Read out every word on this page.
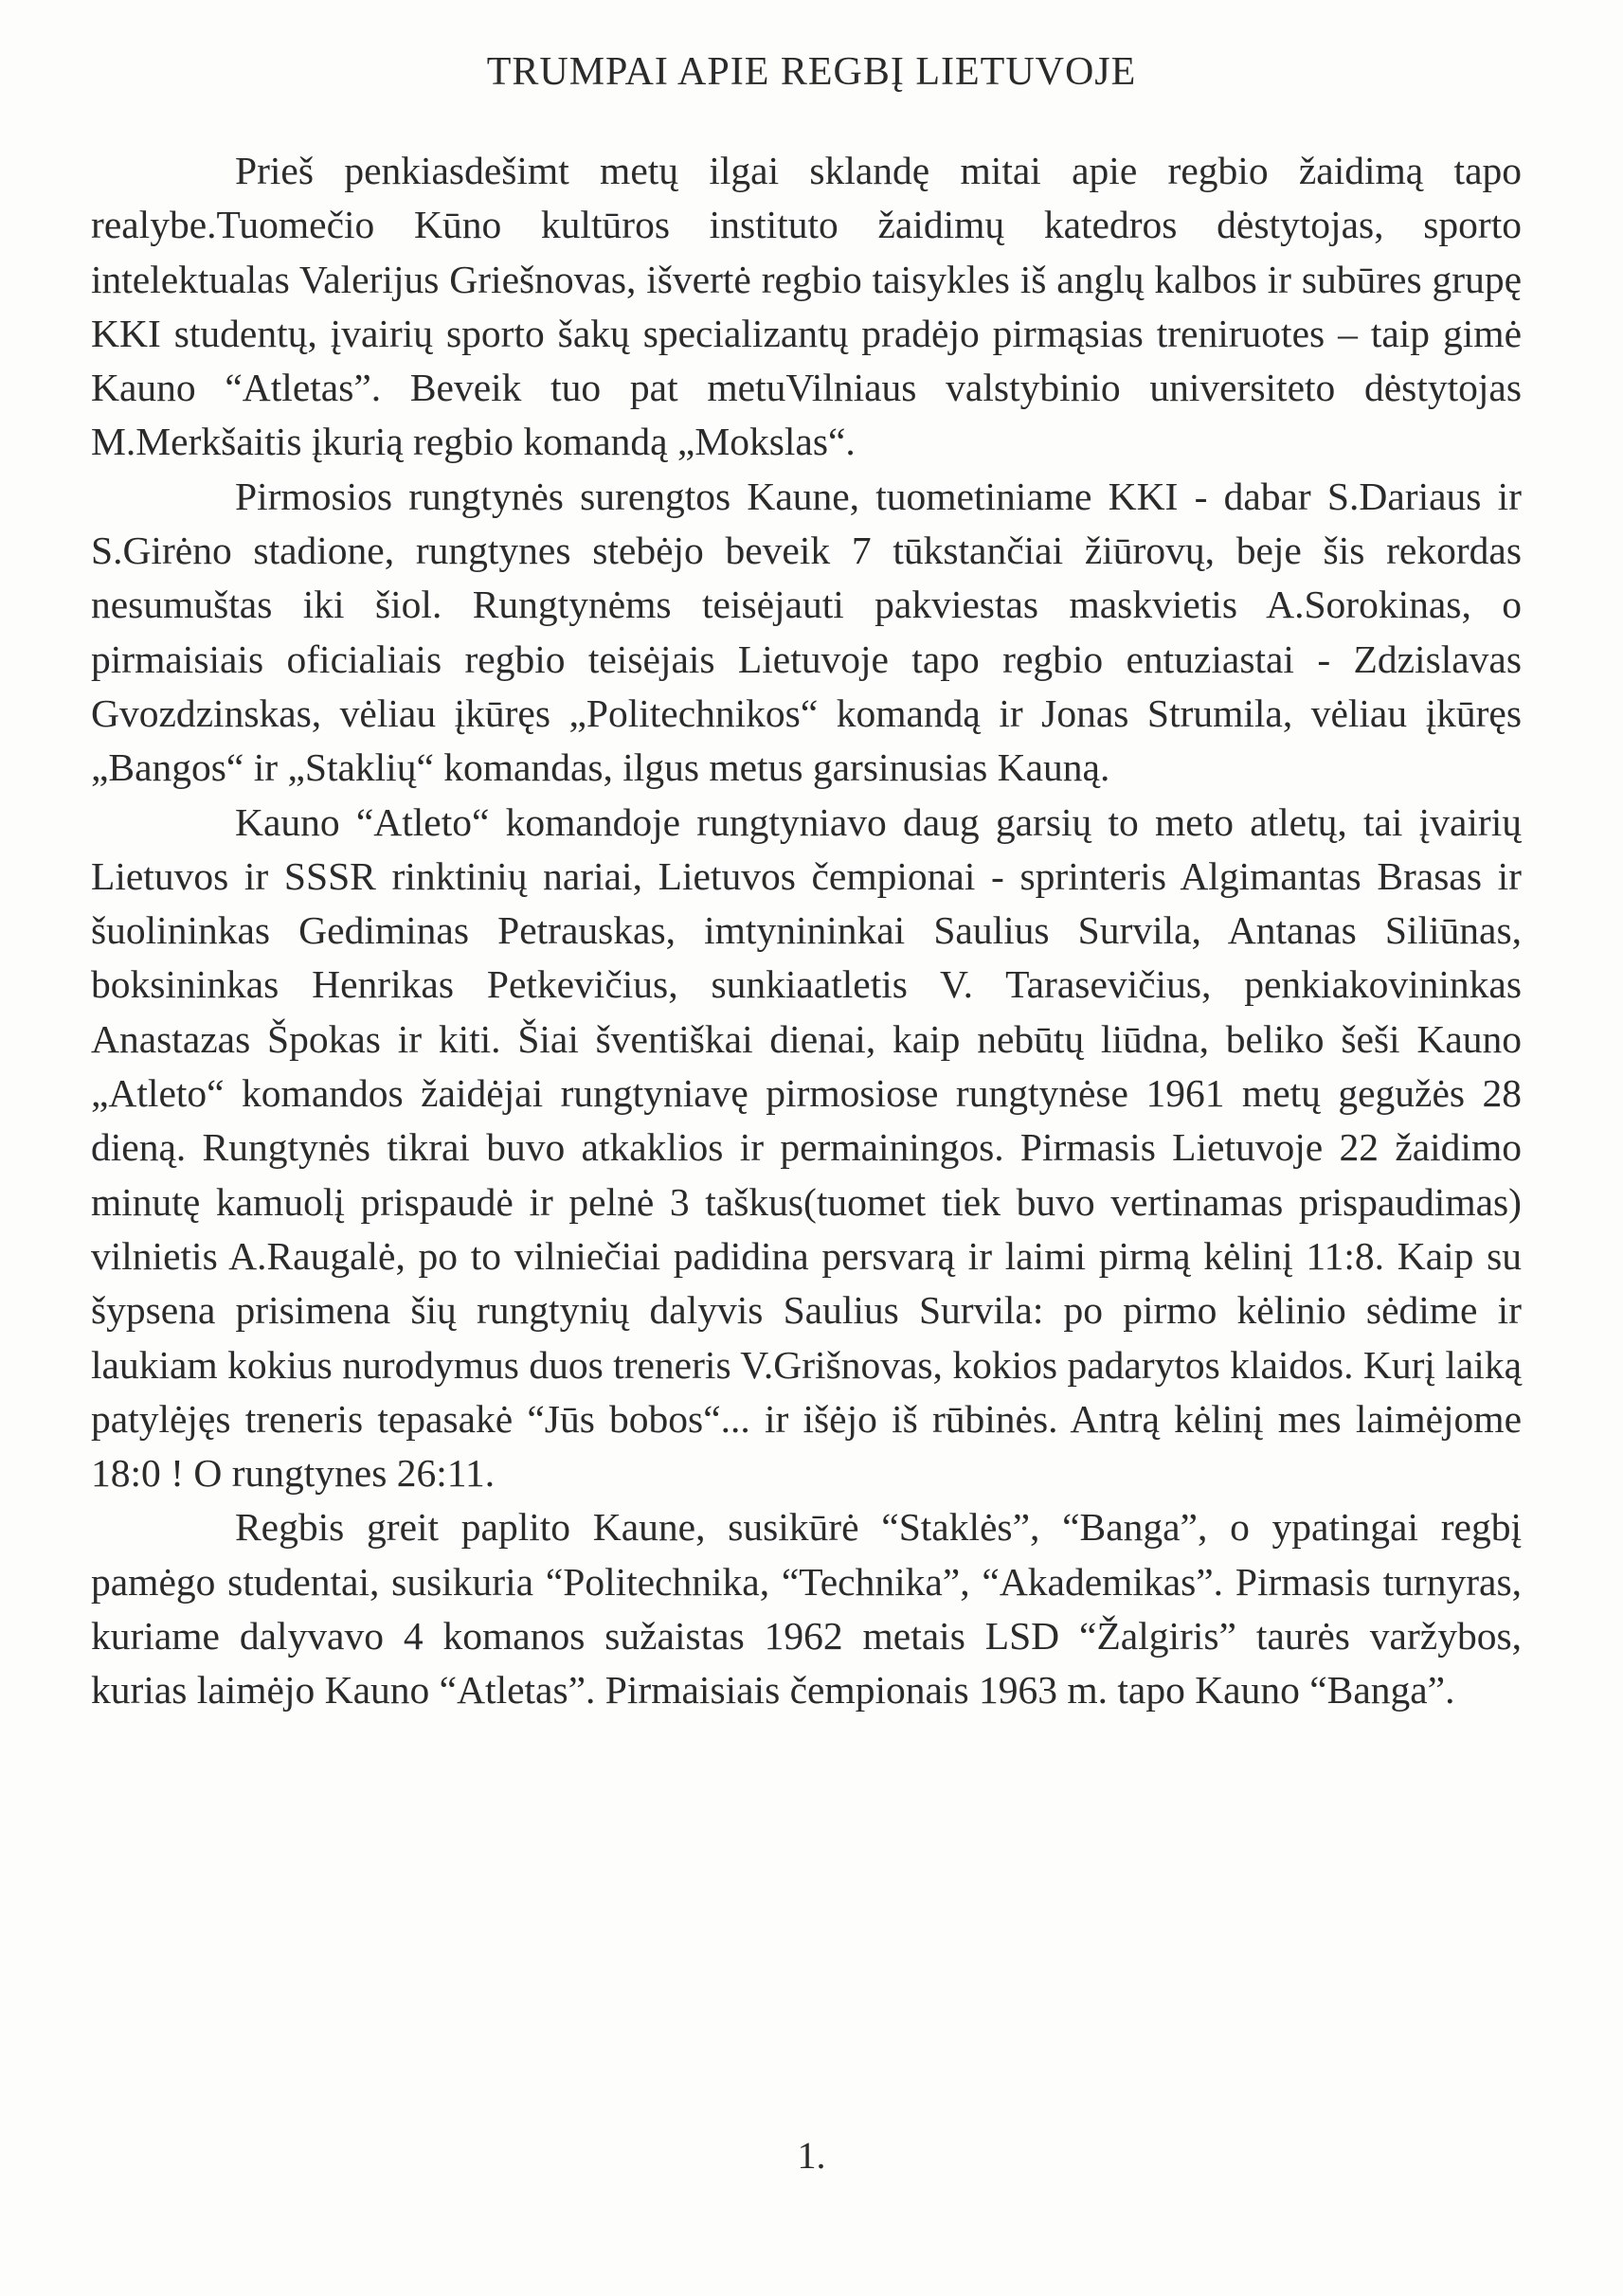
TRUMPAI APIE REGBĮ LIETUVOJE

Prieš penkiasdešimt metų ilgai sklandę mitai apie regbio žaidimą tapo realybe.Tuomečio Kūno kultūros instituto žaidimų katedros dėstytojas, sporto intelektualas Valerijus Griešnovas, išvertė regbio taisykles iš anglų kalbos ir subūres grupę KKI studentų, įvairių sporto šakų specializantų pradėjo pirmąsias treniruotes – taip gimė Kauno “Atletas”. Beveik tuo pat metuVilniaus valstybinio universiteto dėstytojas M.Merkšaitis įkurią regbio komandą „Mokslas“.

Pirmosios rungtynės surengtos Kaune, tuometiniame KKI - dabar S.Dariaus ir S.Girėno stadione, rungtynes stebėjo beveik 7 tūkstančiai žiūrovų, beje šis rekordas nesumuštas iki šiol. Rungtynėms teisėjauti pakviestas maskvietis A.Sorokinas, o pirmaisiais oficialiais regbio teisėjais Lietuvoje tapo regbio entuziastai - Zdzislavas Gvozdzinskas, vėliau įkūręs „Politechnikos“ komandą ir Jonas Strumila, vėliau įkūręs „Bangos“ ir „Staklių“ komandas, ilgus metus garsinusias Kauną.

Kauno “Atleto“ komandoje rungtyniavo daug garsių to meto atletų, tai įvairių Lietuvos ir SSSR rinktinių nariai, Lietuvos čempionai - sprinteris Algimantas Brasas ir šuolininkas Gediminas Petrauskas, imtynininkai Saulius Survila, Antanas Siliūnas, boksininkas Henrikas Petkevičius, sunkiaatletis V. Tarasevičius, penkiakovininkas Anastazas Špokas ir kiti. Šiai šventiškai dienai, kaip nebūtų liūdna, beliko šeši Kauno „Atleto“ komandos žaidėjai rungtyniavę pirmosiose rungtynėse 1961 metų gegužės 28 dieną. Rungtynės tikrai buvo atkaklios ir permainingos. Pirmasis Lietuvoje 22 žaidimo minutę kamuolį prispaudė ir pelnė 3 taškus(tuomet tiek buvo vertinamas prispaudimas) vilnietis A.Raugalė, po to vilniečiai padidina persvarą ir laimi pirmą kėlinį 11:8. Kaip su šypsena prisimena šių rungtynių dalyvis Saulius Survila: po pirmo kėlinio sėdime ir laukiam kokius nurodymus duos treneris V.Grišnovas, kokios padarytos klaidos. Kurį laiką patylėjęs treneris tepasakė “Jūs bobos“... ir išėjo iš rūbinės. Antrą kėlinį mes laimėjome 18:0 ! O rungtynes 26:11.

Regbis greit paplito Kaune, susikūrė “Staklės”, “Banga”, o ypatingai regbį pamėgo studentai, susikuria “Politechnika, “Technika”, “Akademikas”. Pirmasis turnyras, kuriame dalyvavo 4 komanos sužaistas 1962 metais LSD “Žalgiris” taurės varžybos, kurias laimėjo Kauno “Atletas”. Pirmaisiais čempionais 1963 m. tapo Kauno “Banga”.

1.
